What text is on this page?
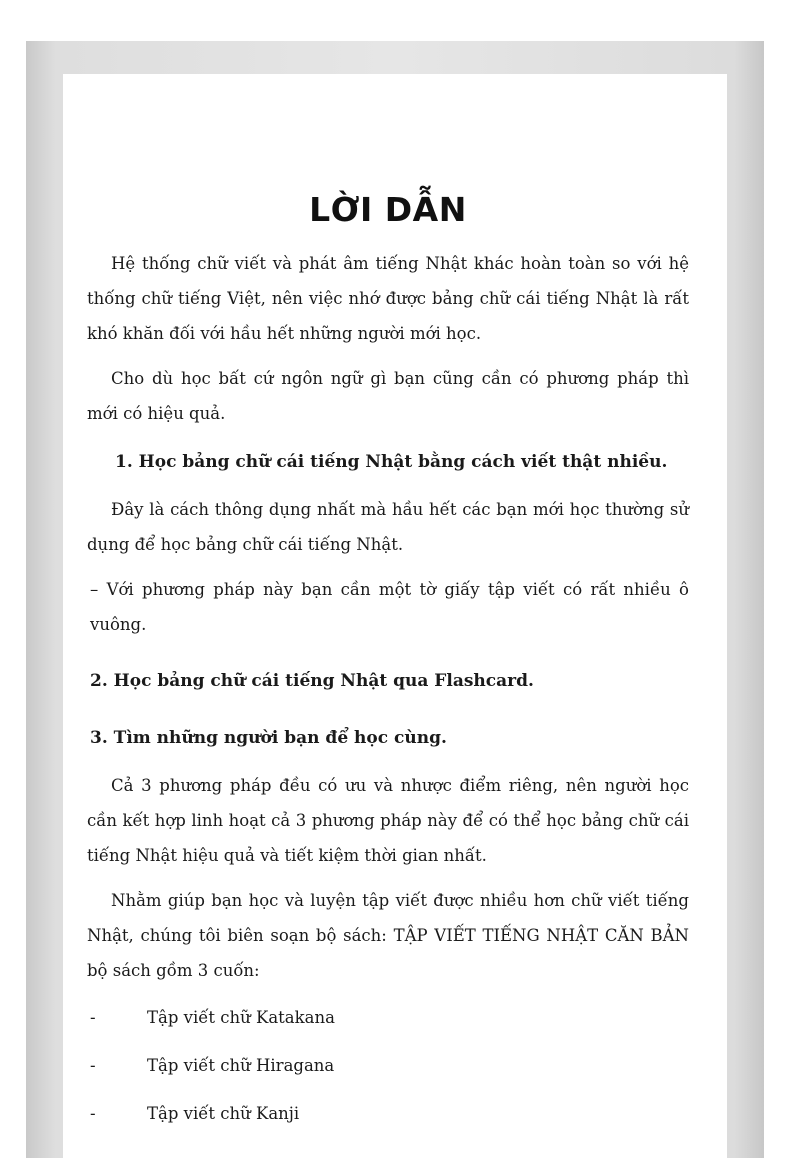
LỜI DẪN

Hệ thống chữ viết và phát âm tiếng Nhật khác hoàn toàn so với hệ thống chữ tiếng Việt, nên việc nhớ được bảng chữ cái tiếng Nhật là rất khó khăn đối với hầu hết những người mới học.

Cho dù học bất cứ ngôn ngữ gì bạn cũng cần có phương pháp thì mới có hiệu quả.

1. Học bảng chữ cái tiếng Nhật bằng cách viết thật nhiều.

Đây là cách thông dụng nhất mà hầu hết các bạn mới học thường sử dụng để học bảng chữ cái tiếng Nhật.

– Với phương pháp này bạn cần một tờ giấy tập viết có rất nhiều ô vuông.

2. Học bảng chữ cái tiếng Nhật qua Flashcard.
3. Tìm những người bạn để học cùng.

Cả 3 phương pháp đều có ưu và nhược điểm riêng, nên người học cần kết hợp linh hoạt cả 3 phương pháp này để có thể học bảng chữ cái tiếng Nhật hiệu quả và tiết kiệm thời gian nhất.

Nhằm giúp bạn học và luyện tập viết được nhiều hơn chữ viết tiếng Nhật, chúng tôi biên soạn bộ sách: TẬP VIẾT TIẾNG NHẬT CĂN BẢN bộ sách gồm 3 cuốn:

-	Tập viết chữ Katakana
-	Tập viết chữ Hiragana
-	Tập viết chữ Kanji
